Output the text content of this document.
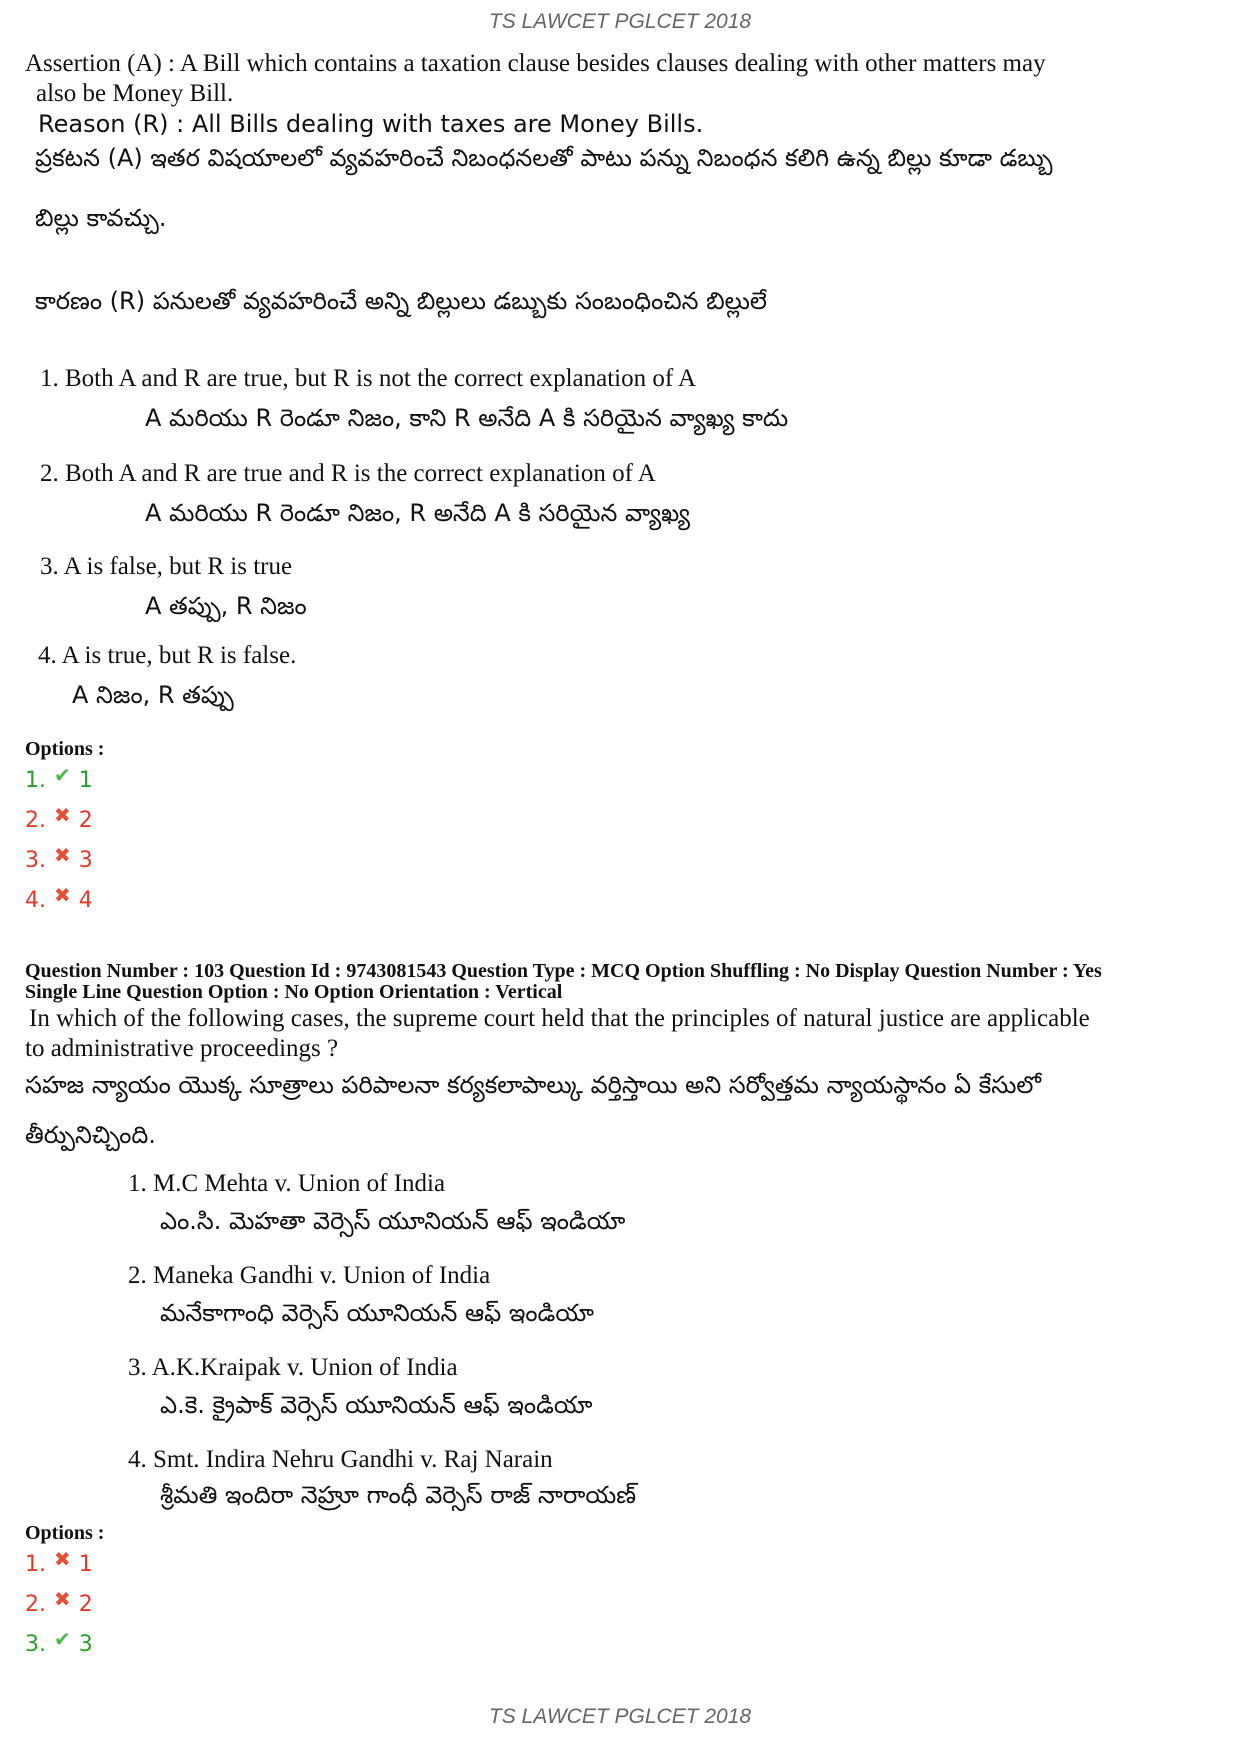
TS LAWCET PGLCET 2018
Assertion (A) : A Bill which contains a taxation clause besides clauses dealing with other matters may
also be Money Bill.
Reason (R) : All Bills dealing with taxes are Money Bills.
ప్రకటన (A) ఇతర విషయాలలో వ్యవహరించే నిబంధనలతో పాటు పన్ను నిబంధన కలిగి ఉన్న బిల్లు కూడా డబ్బు
బిల్లు కావచ్చు.
కారణం (R) పనులతో వ్యవహరించే అన్ని బిల్లులు డబ్బుకు సంబంధించిన బిల్లులే
1. Both A and R are true, but R is not the correct explanation of A
A మరియు R రెండూ నిజం, కాని R అనేది A కి సరియైన వ్యాఖ్య కాదు
2. Both A and R are true and R is the correct explanation of A
A మరియు R రెండూ నిజం, R అనేది A కి సరియైన వ్యాఖ్య
3. A is false, but R is true
A తప్పు, R నిజం
4. A is true, but R is false.
A నిజం, R తప్పు
Options :
1. ✔ 1
2. ✖ 2
3. ✖ 3
4. ✖ 4
Question Number : 103 Question Id : 9743081543 Question Type : MCQ Option Shuffling : No Display Question Number : Yes
Single Line Question Option : No Option Orientation : Vertical
In which of the following cases, the supreme court held that the principles of natural justice are applicable
to administrative proceedings ?
సహజ న్యాయం యొక్క సూత్రాలు పరిపాలనా కర్యకలాపాల్కు వర్తిస్తాయి అని సర్వోత్తమ న్యాయస్థానం ఏ కేసులో
తీర్పునిచ్చింది.
1. M.C Mehta v. Union of India
ఎం.సి. మెహతా వెర్సెస్ యూనియన్ ఆఫ్ ఇండియా
2. Maneka Gandhi v. Union of India
మనేకాగాంధి వెర్సెస్ యూనియన్ ఆఫ్ ఇండియా
3. A.K.Kraipak v. Union of India
ఎ.కె. క్రైపాక్ వెర్సెస్ యూనియన్ ఆఫ్ ఇండియా
4. Smt. Indira Nehru Gandhi v. Raj Narain
శ్రీమతి ఇందిరా నెహ్రూ గాంధీ వెర్సెస్ రాజ్ నారాయణ్
Options :
1. ✖ 1
2. ✖ 2
3. ✔ 3
TS LAWCET PGLCET 2018
